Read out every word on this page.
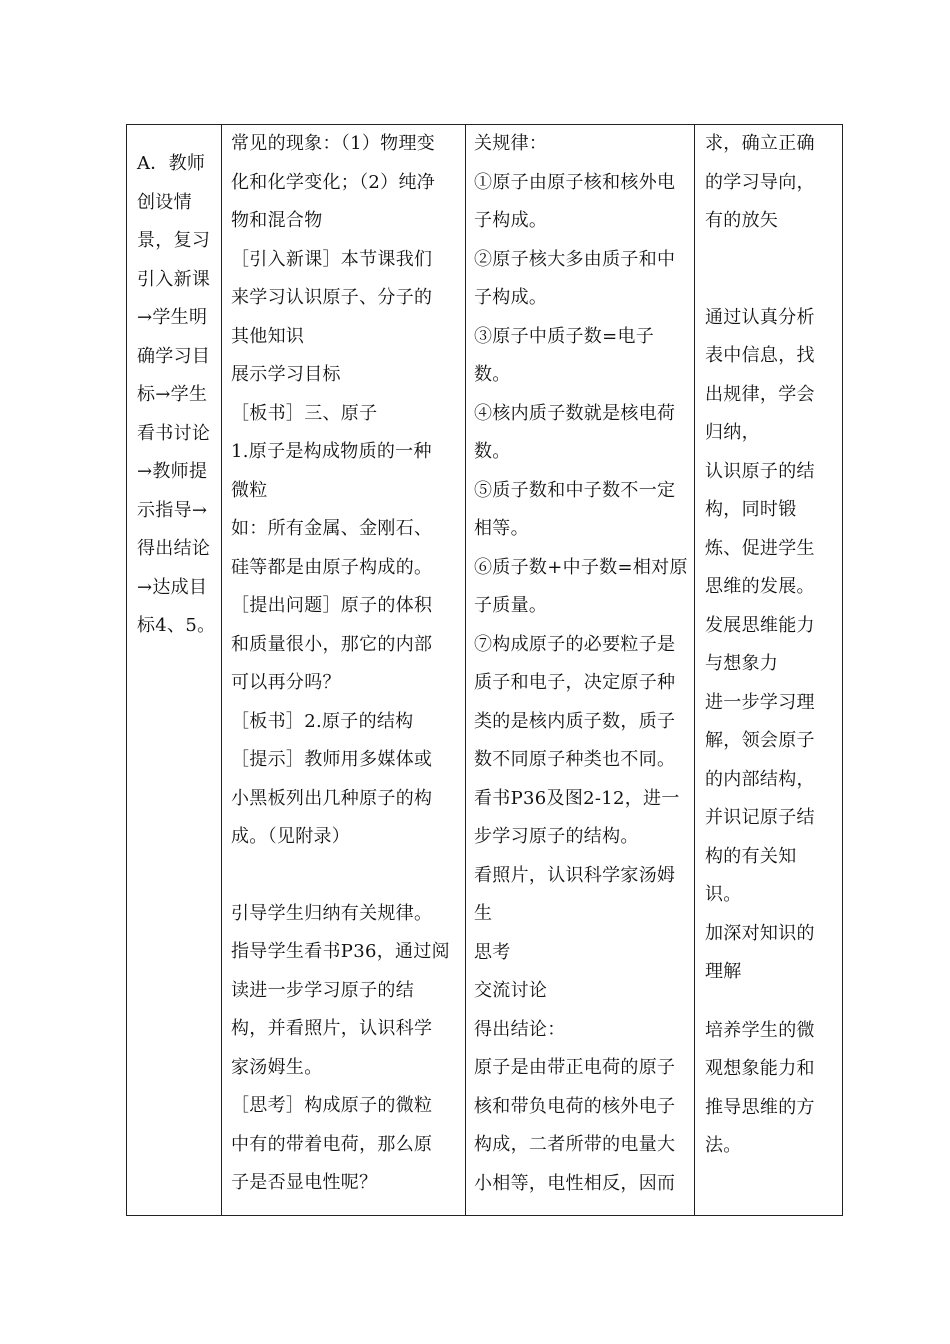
A．教师
创设情
景，复习
引入新课
→学生明
确学习目
标→学生
看书讨论
→教师提
示指导→
得出结论
→达成目
标4、5。

常见的现象：（1）物理变
化和化学变化；（2）纯净
物和混合物
［引入新课］本节课我们
来学习认识原子、分子的
其他知识
展示学习目标
［板书］三、原子
1.原子是构成物质的一种
微粒
如：所有金属、金刚石、
硅等都是由原子构成的。
［提出问题］原子的体积
和质量很小，那它的内部
可以再分吗？
［板书］2.原子的结构
［提示］教师用多媒体或
小黑板列出几种原子的构
成。（见附录）
引导学生归纳有关规律。
指导学生看书P36，通过阅
读进一步学习原子的结
构，并看照片，认识科学
家汤姆生。
［思考］构成原子的微粒
中有的带着电荷，那么原
子是否显电性呢？

关规律：
①原子由原子核和核外电
子构成。
②原子核大多由质子和中
子构成。
③原子中质子数=电子
数。
④核内质子数就是核电荷
数。
⑤质子数和中子数不一定
相等。
⑥质子数+中子数=相对原
子质量。
⑦构成原子的必要粒子是
质子和电子，决定原子种
类的是核内质子数，质子
数不同原子种类也不同。
看书P36及图2-12，进一
步学习原子的结构。
看照片，认识科学家汤姆
生
思考
交流讨论
得出结论：
原子是由带正电荷的原子
核和带负电荷的核外电子
构成，二者所带的电量大
小相等，电性相反，因而

求，确立正确
的学习导向，
有的放矢
通过认真分析
表中信息，找
出规律，学会
归纳，
认识原子的结
构，同时锻
炼、促进学生
思维的发展。
发展思维能力
与想象力
进一步学习理
解，领会原子
的内部结构，
并识记原子结
构的有关知
识。
加深对知识的
理解
培养学生的微
观想象能力和
推导思维的方
法。
